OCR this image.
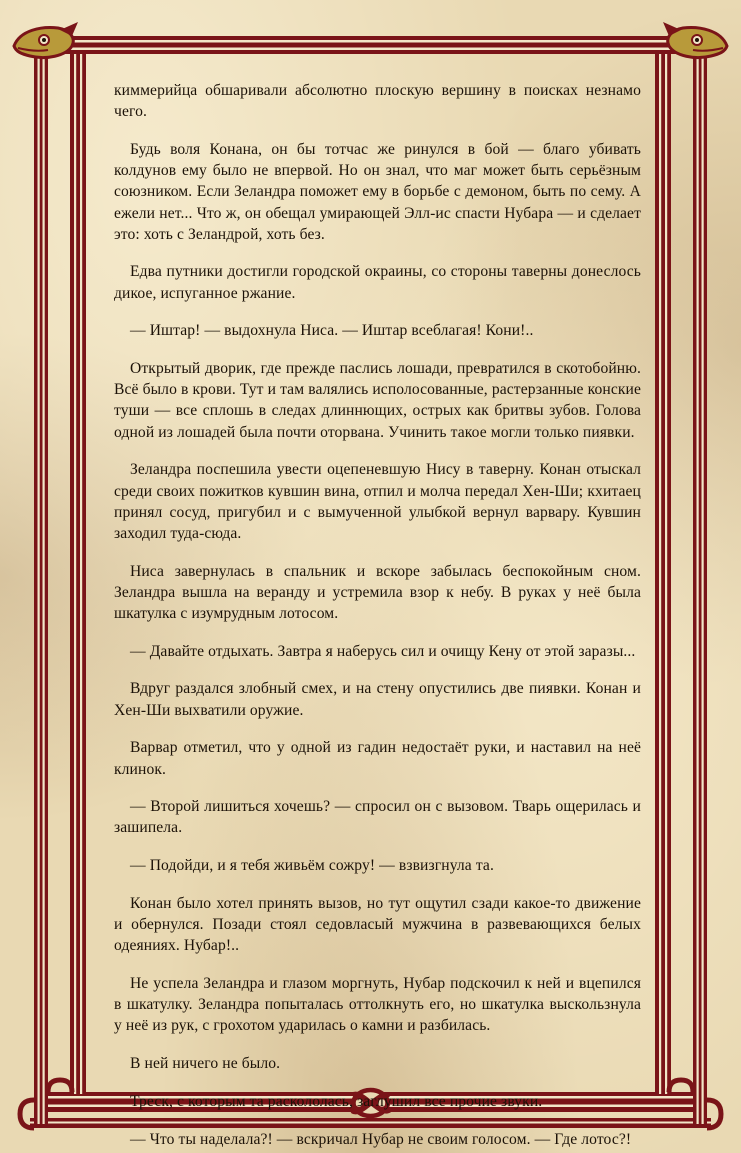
киммерийца обшаривали абсолютно плоскую вершину в поисках незнамо чего.

Будь воля Конана, он бы тотчас же ринулся в бой — благо убивать колдунов ему было не впервой. Но он знал, что маг может быть серьёзным союзником. Если Зеландра поможет ему в борьбе с демоном, быть по сему. А ежели нет... Что ж, он обещал умирающей Элл-ис спасти Нубара — и сделает это: хоть с Зеландрой, хоть без.

Едва путники достигли городской окраины, со стороны таверны донеслось дикое, испуганное ржание.

— Иштар! — выдохнула Ниса. — Иштар всеблагая! Кони!..

Открытый дворик, где прежде паслись лошади, превратился в скотобойню. Всё было в крови. Тут и там валялись исполосованные, растерзанные конские туши — все сплошь в следах длиннющих, острых как бритвы зубов. Голова одной из лошадей была почти оторвана. Учинить такое могли только пиявки.

Зеландра поспешила увести оцепеневшую Нису в таверну. Конан отыскал среди своих пожитков кувшин вина, отпил и молча передал Хен-Ши; кхитаец принял сосуд, пригубил и с вымученной улыбкой вернул варвару. Кувшин заходил туда-сюда.

Ниса завернулась в спальник и вскоре забылась беспокойным сном. Зеландра вышла на веранду и устремила взор к небу. В руках у неё была шкатулка с изумрудным лотосом.

— Давайте отдыхать. Завтра я наберусь сил и очищу Кену от этой заразы...

Вдруг раздался злобный смех, и на стену опустились две пиявки. Конан и Хен-Ши выхватили оружие.

Варвар отметил, что у одной из гадин недостаёт руки, и наставил на неё клинок.

— Второй лишиться хочешь? — спросил он с вызовом. Тварь ощерилась и зашипела.

— Подойди, и я тебя живьём сожру! — взвизгнула та.

Конан было хотел принять вызов, но тут ощутил сзади какое-то движение и обернулся. Позади стоял седовласый мужчина в развевающихся белых одеяниях. Нубар!..

Не успела Зеландра и глазом моргнуть, Нубар подскочил к ней и вцепился в шкатулку. Зеландра попыталась оттолкнуть его, но шкатулка выскользнула у неё из рук, с грохотом ударилась о камни и разбилась.

В ней ничего не было.

Треск, с которым та раскололась, заглушил все прочие звуки.

— Что ты наделала?! — вскричал Нубар не своим голосом. — Где лотос?!
